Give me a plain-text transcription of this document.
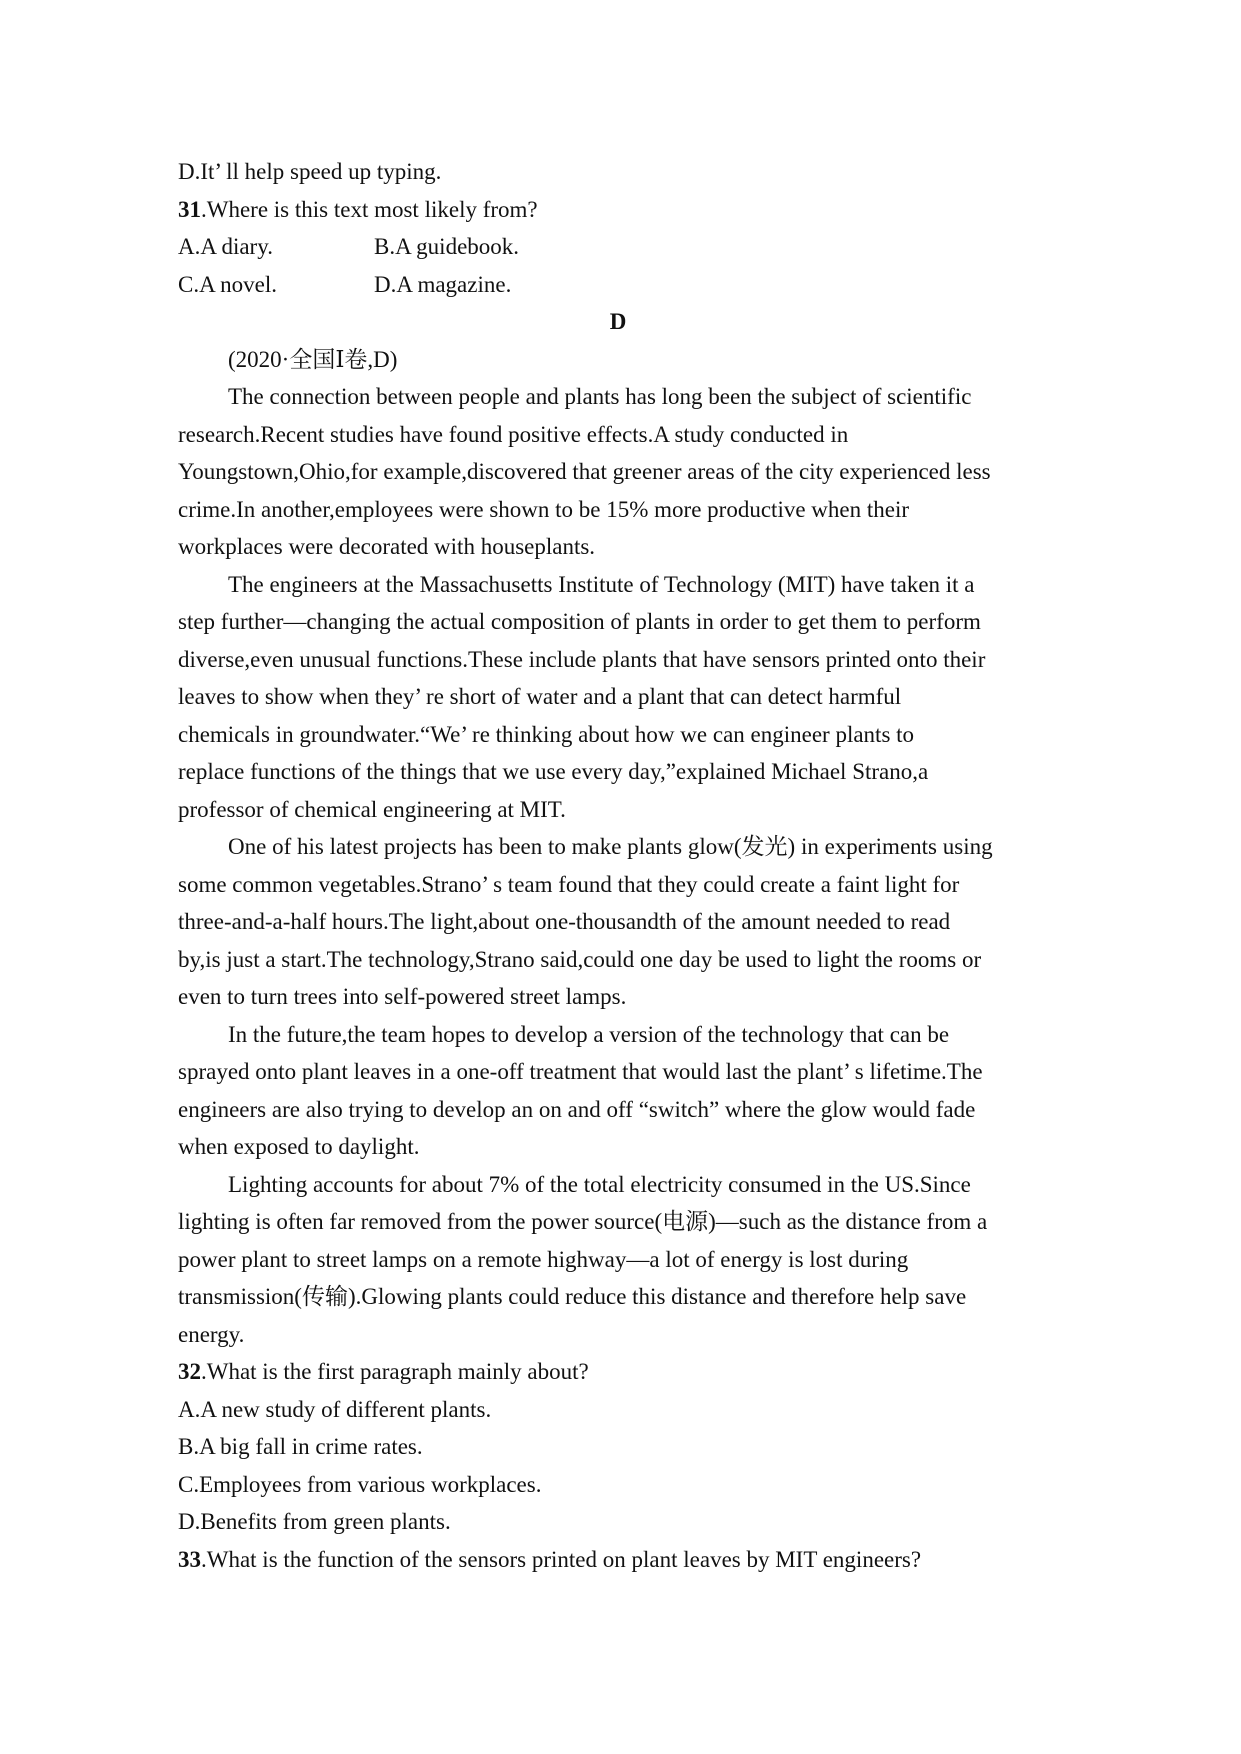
D.It’ ll help speed up typing.

31.Where is this text most likely from?

A.A diary.	B.A guidebook.
C.A novel.	D.A magazine.

D

(2020·全国Ⅰ卷,D)

The connection between people and plants has long been the subject of scientific

research.Recent studies have found positive effects.A study conducted in

Youngstown,Ohio,for example,discovered that greener areas of the city experienced less

crime.In another,employees were shown to be 15% more productive when their

workplaces were decorated with houseplants.

The engineers at the Massachusetts Institute of Technology (MIT) have taken it a

step further—changing the actual composition of plants in order to get them to perform

diverse,even unusual functions.These include plants that have sensors printed onto their

leaves to show when they’ re short of water and a plant that can detect harmful

chemicals in groundwater.“We’ re thinking about how we can engineer plants to

replace functions of the things that we use every day,”explained Michael Strano,a

professor of chemical engineering at MIT.

One of his latest projects has been to make plants glow(发光) in experiments using

some common vegetables.Strano’ s team found that they could create a faint light for

three-and-a-half hours.The light,about one-thousandth of the amount needed to read

by,is just a start.The technology,Strano said,could one day be used to light the rooms or

even to turn trees into self-powered street lamps.

In the future,the team hopes to develop a version of the technology that can be

sprayed onto plant leaves in a one-off treatment that would last the plant’ s lifetime.The

engineers are also trying to develop an on and off “switch” where the glow would fade

when exposed to daylight.

Lighting accounts for about 7% of the total electricity consumed in the US.Since

lighting is often far removed from the power source(电源)—such as the distance from a

power plant to street lamps on a remote highway—a lot of energy is lost during

transmission(传输).Glowing plants could reduce this distance and therefore help save

energy.

32.What is the first paragraph mainly about?

A.A new study of different plants.

B.A big fall in crime rates.

C.Employees from various workplaces.

D.Benefits from green plants.

33.What is the function of the sensors printed on plant leaves by MIT engineers?
